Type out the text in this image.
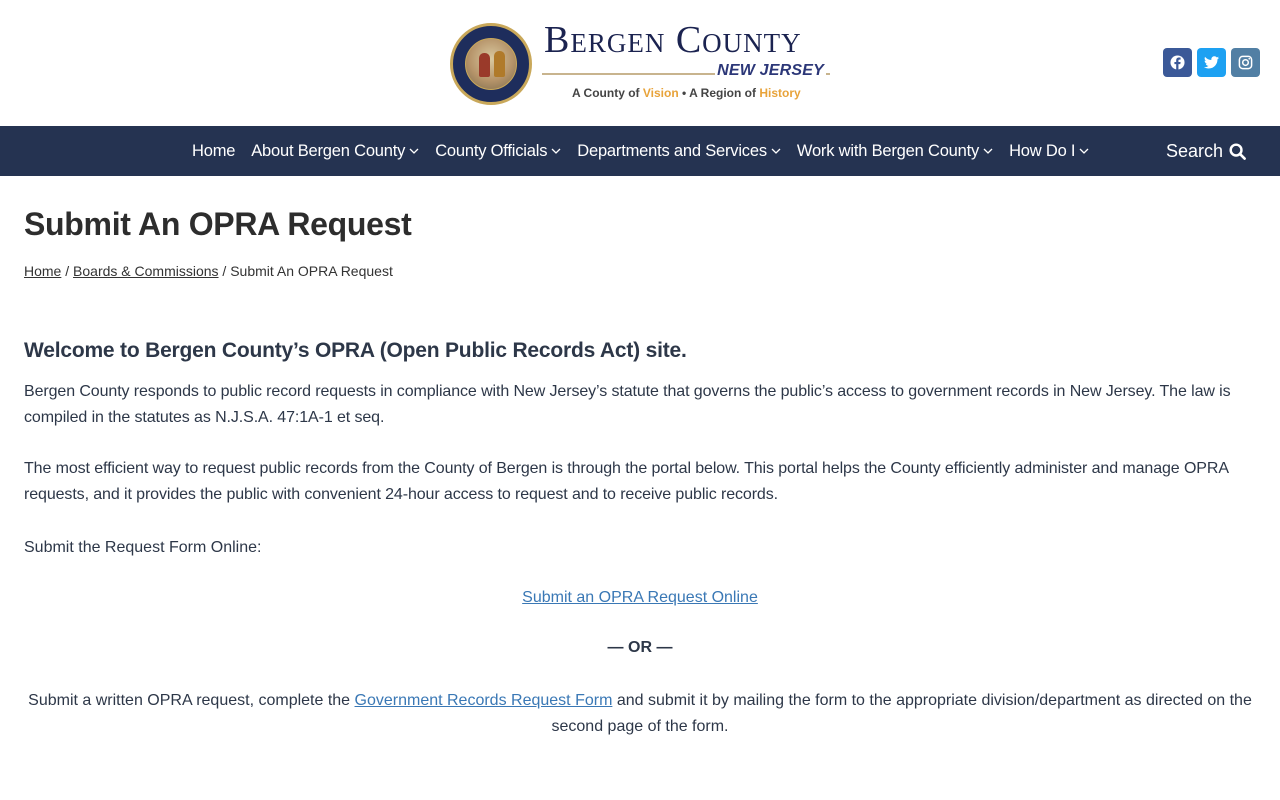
Bergen County
NEW JERSEY
A County of Vision • A Region of History
Home About Bergen County County Officials Departments and Services Work with Bergen County How Do I	Search
Submit An OPRA Request
Home / Boards & Commissions / Submit An OPRA Request
Welcome to Bergen County’s OPRA (Open Public Records Act) site.

Bergen County responds to public record requests in compliance with New Jersey’s statute that governs the public’s access to government records in New Jersey. The law is compiled in the statutes as N.J.S.A. 47:1A-1 et seq.

The most efficient way to request public records from the County of Bergen is through the portal below. This portal helps the County efficiently administer and manage OPRA requests, and it provides the public with convenient 24-hour access to request and to receive public records.

Submit the Request Form Online:

Submit an OPRA Request Online

— OR —

Submit a written OPRA request, complete the Government Records Request Form and submit it by mailing the form to the appropriate division/department as directed on the second page of the form.
